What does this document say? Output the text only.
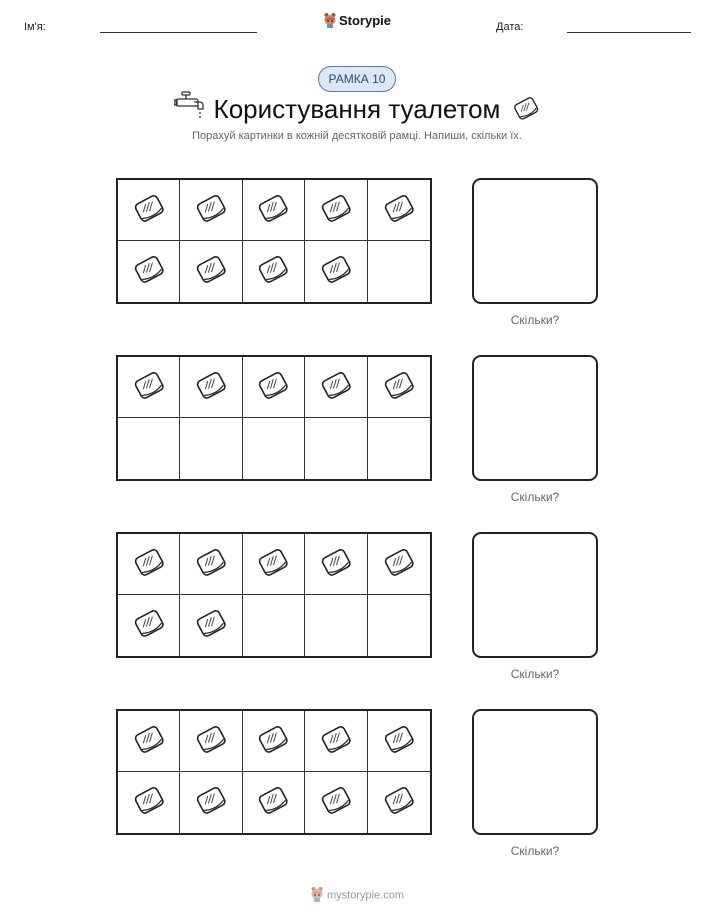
Ім'я:	Storypie	Дата:
РАМКА 10
Користування туалетом
Порахуй картинки в кожній десятковій рамці. Напиши, скільки їх.
Скільки?
Скільки?
Скільки?
Скільки?
mystorypie.com
